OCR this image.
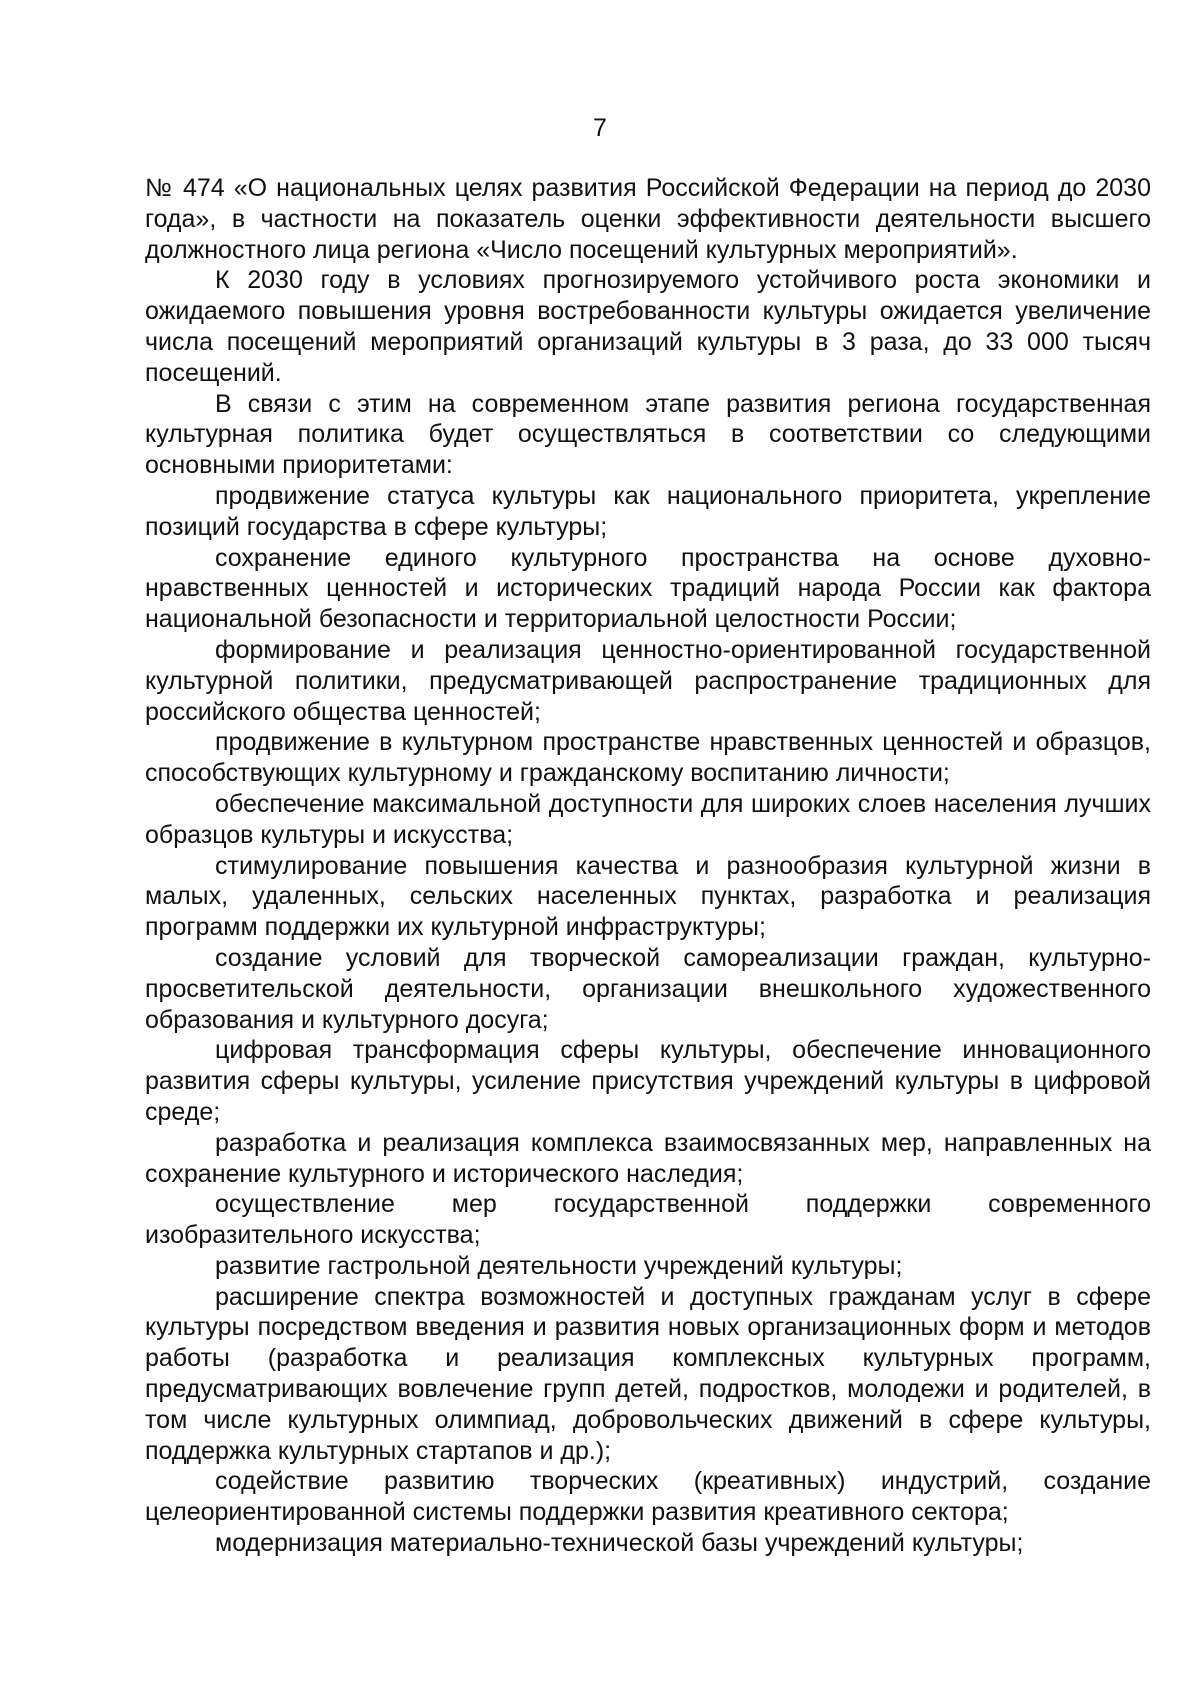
7

№ 474 «О национальных целях развития Российской Федерации на период до 2030 года», в частности на показатель оценки эффективности деятельности высшего должностного лица региона «Число посещений культурных мероприятий».

К 2030 году в условиях прогнозируемого устойчивого роста экономики и ожидаемого повышения уровня востребованности культуры ожидается увеличение числа посещений мероприятий организаций культуры в 3 раза, до 33 000 тысяч посещений.

В связи с этим на современном этапе развития региона государственная культурная политика будет осуществляться в соответствии со следующими основными приоритетами:

продвижение статуса культуры как национального приоритета, укрепление позиций государства в сфере культуры;

сохранение единого культурного пространства на основе духовно-нравственных ценностей и исторических традиций народа России как фактора национальной безопасности и территориальной целостности России;

формирование и реализация ценностно-ориентированной государственной культурной политики, предусматривающей распространение традиционных для российского общества ценностей;

продвижение в культурном пространстве нравственных ценностей и образцов, способствующих культурному и гражданскому воспитанию личности;

обеспечение максимальной доступности для широких слоев населения лучших образцов культуры и искусства;

стимулирование повышения качества и разнообразия культурной жизни в малых, удаленных, сельских населенных пунктах, разработка и реализация программ поддержки их культурной инфраструктуры;

создание условий для творческой самореализации граждан, культурно-просветительской деятельности, организации внешкольного художественного образования и культурного досуга;

цифровая трансформация сферы культуры, обеспечение инновационного развития сферы культуры, усиление присутствия учреждений культуры в цифровой среде;

разработка и реализация комплекса взаимосвязанных мер, направленных на сохранение культурного и исторического наследия;

осуществление мер государственной поддержки современного изобразительного искусства;

развитие гастрольной деятельности учреждений культуры;

расширение спектра возможностей и доступных гражданам услуг в сфере культуры посредством введения и развития новых организационных форм и методов работы (разработка и реализация комплексных культурных программ, предусматривающих вовлечение групп детей, подростков, молодежи и родителей, в том числе культурных олимпиад, добровольческих движений в сфере культуры, поддержка культурных стартапов и др.);

содействие развитию творческих (креативных) индустрий, создание целеориентированной системы поддержки развития креативного сектора;

модернизация материально-технической базы учреждений культуры;
